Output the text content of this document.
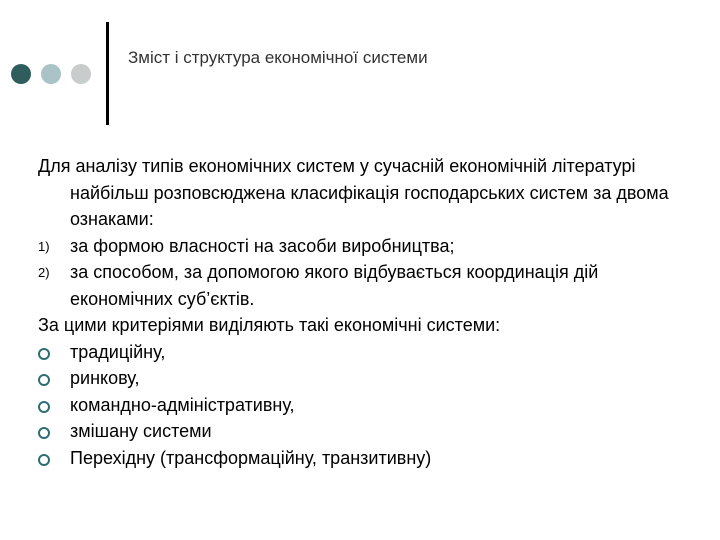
Зміст і структура економічної системи
Для аналізу типів економічних систем у сучасній економічній літературі найбільш розповсюджена класифікація господарських систем за двома ознаками:
1) за формою власності на засоби виробництва;
2) за способом, за допомогою якого відбувається координація дій економічних суб’єктів.
За цими критеріями виділяють такі економічні системи:
традиційну,
ринкову,
командно-адміністративну,
змішану системи
Перехідну (трансформаційну, транзитивну)
